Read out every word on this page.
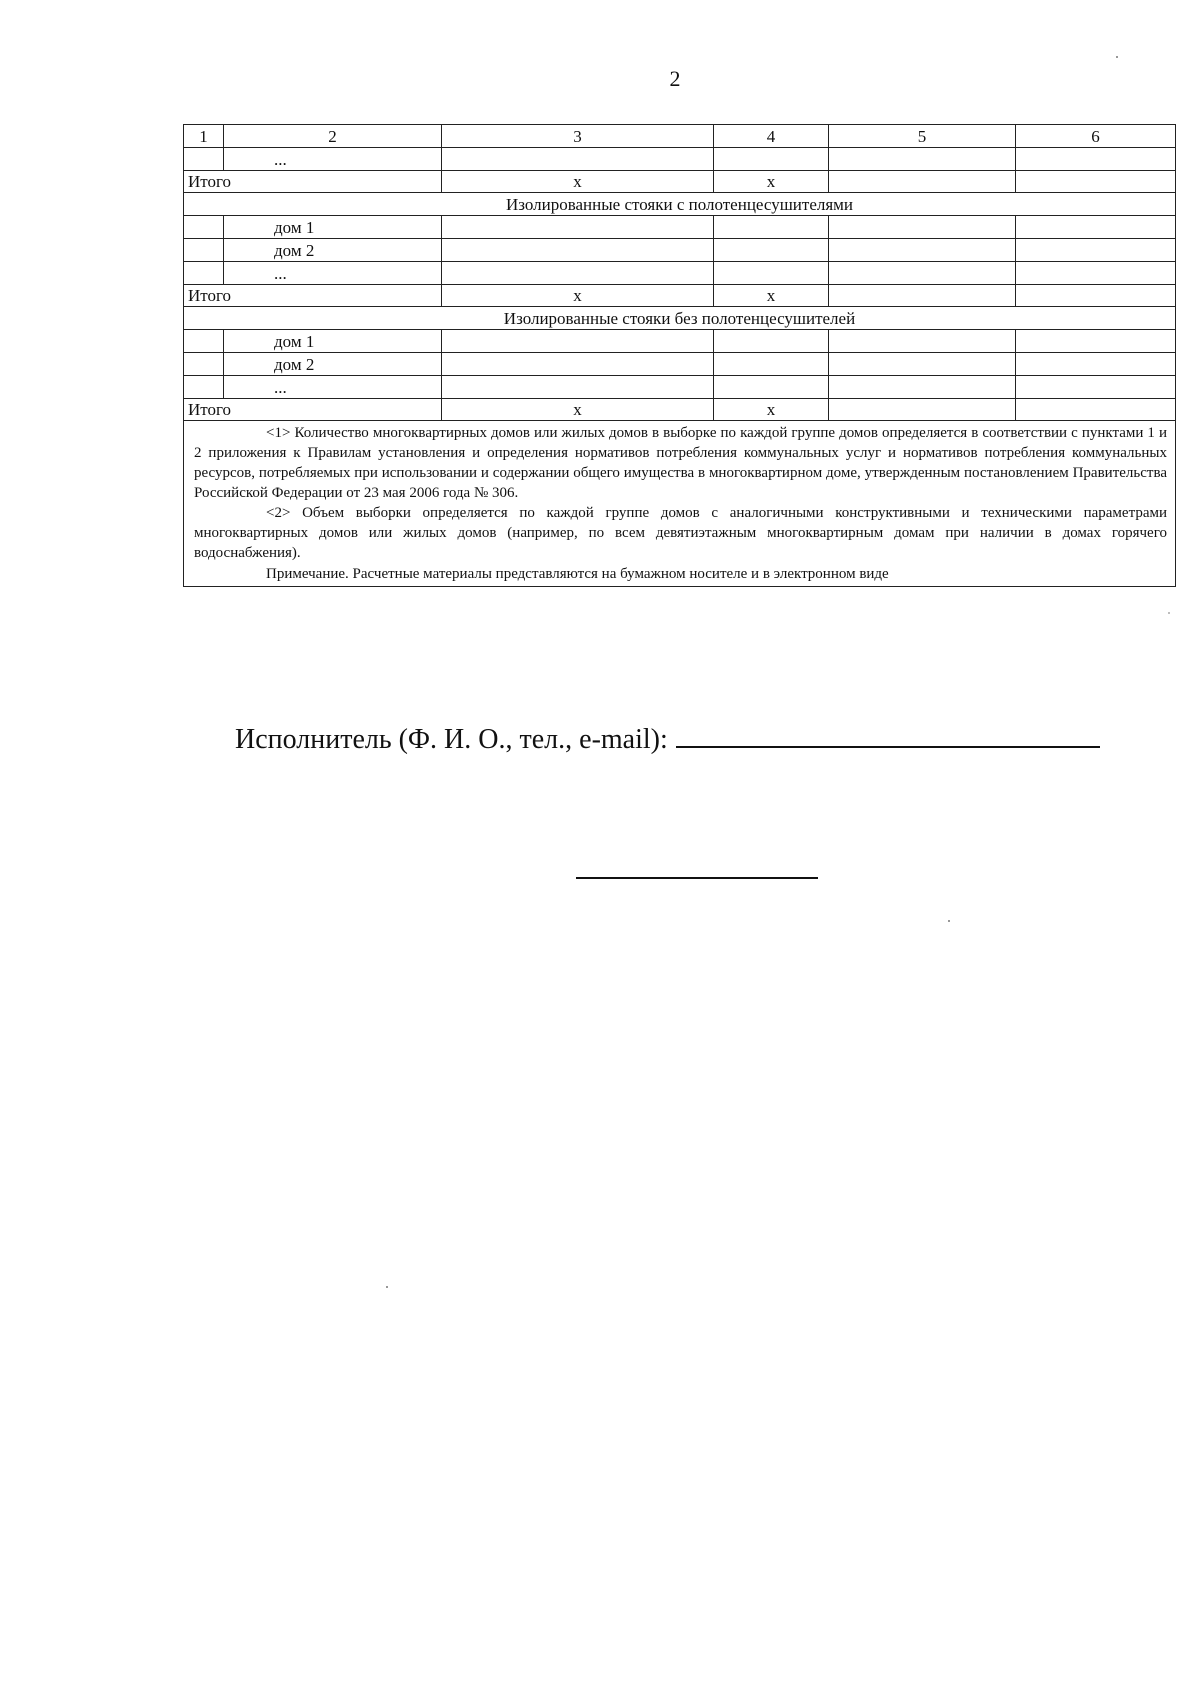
2
1	2	3	4	5	6
	...				
Итого		x	x		
Изолированные стояки с полотенцесушителями					
	дом 1				
	дом 2				
	...				
Итого		x	x		
Изолированные стояки без полотенцесушителей					
	дом 1				
	дом 2				
	...				
Итого		x	x		

<1> Количество многоквартирных домов или жилых домов в выборке по каждой группе домов определяется в соответствии с пунктами 1 и 2 приложения к Правилам установления и определения нормативов потребления коммунальных услуг и нормативов потребления коммунальных ресурсов, потребляемых при использовании и содержании общего имущества в многоквартирном доме, утвержденным постановлением Правительства Российской Федерации от 23 мая 2006 года № 306.

<2> Объем выборки определяется по каждой группе домов с аналогичными конструктивными и техническими параметрами многоквартирных домов или жилых домов (например, по всем девятиэтажным многоквартирным домам при наличии в домах горячего водоснабжения).

Примечание. Расчетные материалы представляются на бумажном носителе и в электронном виде					

Исполнитель (Ф. И. О., тел., e-mail):
